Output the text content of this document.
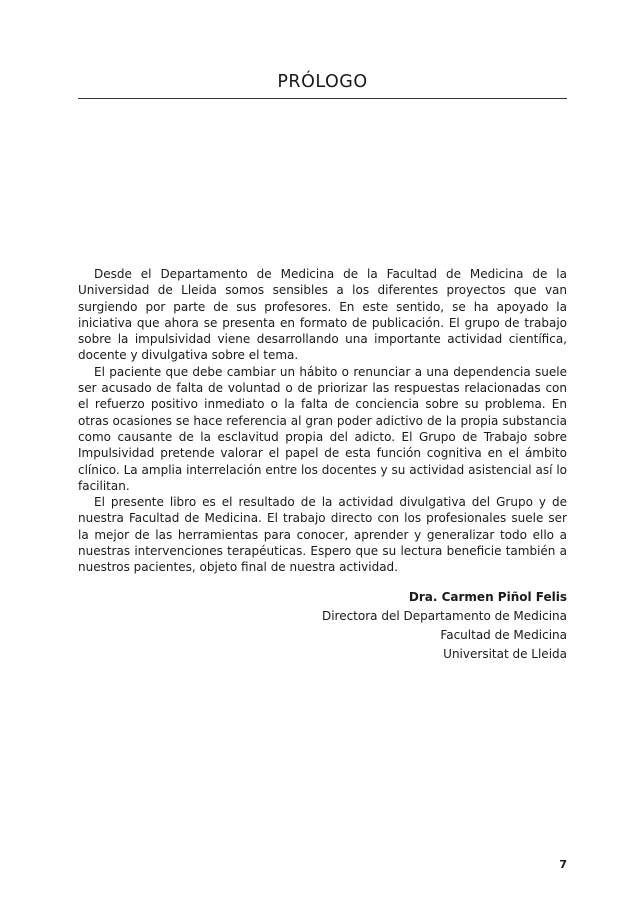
PRÓLOGO

Desde el Departamento de Medicina de la Facultad de Medicina de la Universidad de Lleida somos sensibles a los diferentes proyectos que van surgiendo por parte de sus profesores. En este sentido, se ha apoyado la iniciativa que ahora se presenta en formato de publicación. El grupo de trabajo sobre la impulsividad viene desarrollando una importante actividad científica, docente y divulgativa sobre el tema.

El paciente que debe cambiar un hábito o renunciar a una dependencia suele ser acusado de falta de voluntad o de priorizar las respuestas relacionadas con el refuerzo positivo inmediato o la falta de conciencia sobre su problema. En otras ocasiones se hace referencia al gran poder adictivo de la propia substancia como causante de la esclavitud propia del adicto. El Grupo de Trabajo sobre Impulsividad pretende valorar el papel de esta función cognitiva en el ámbito clínico. La amplia interrelación entre los docentes y su actividad asistencial así lo facilitan.

El presente libro es el resultado de la actividad divulgativa del Grupo y de nuestra Facultad de Medicina. El trabajo directo con los profesionales suele ser la mejor de las herramientas para conocer, aprender y generalizar todo ello a nuestras intervenciones terapéuticas. Espero que su lectura beneficie también a nuestros pacientes, objeto final de nuestra actividad.

Dra. Carmen Piñol Felis
Directora del Departamento de Medicina
Facultad de Medicina
Universitat de Lleida
7
